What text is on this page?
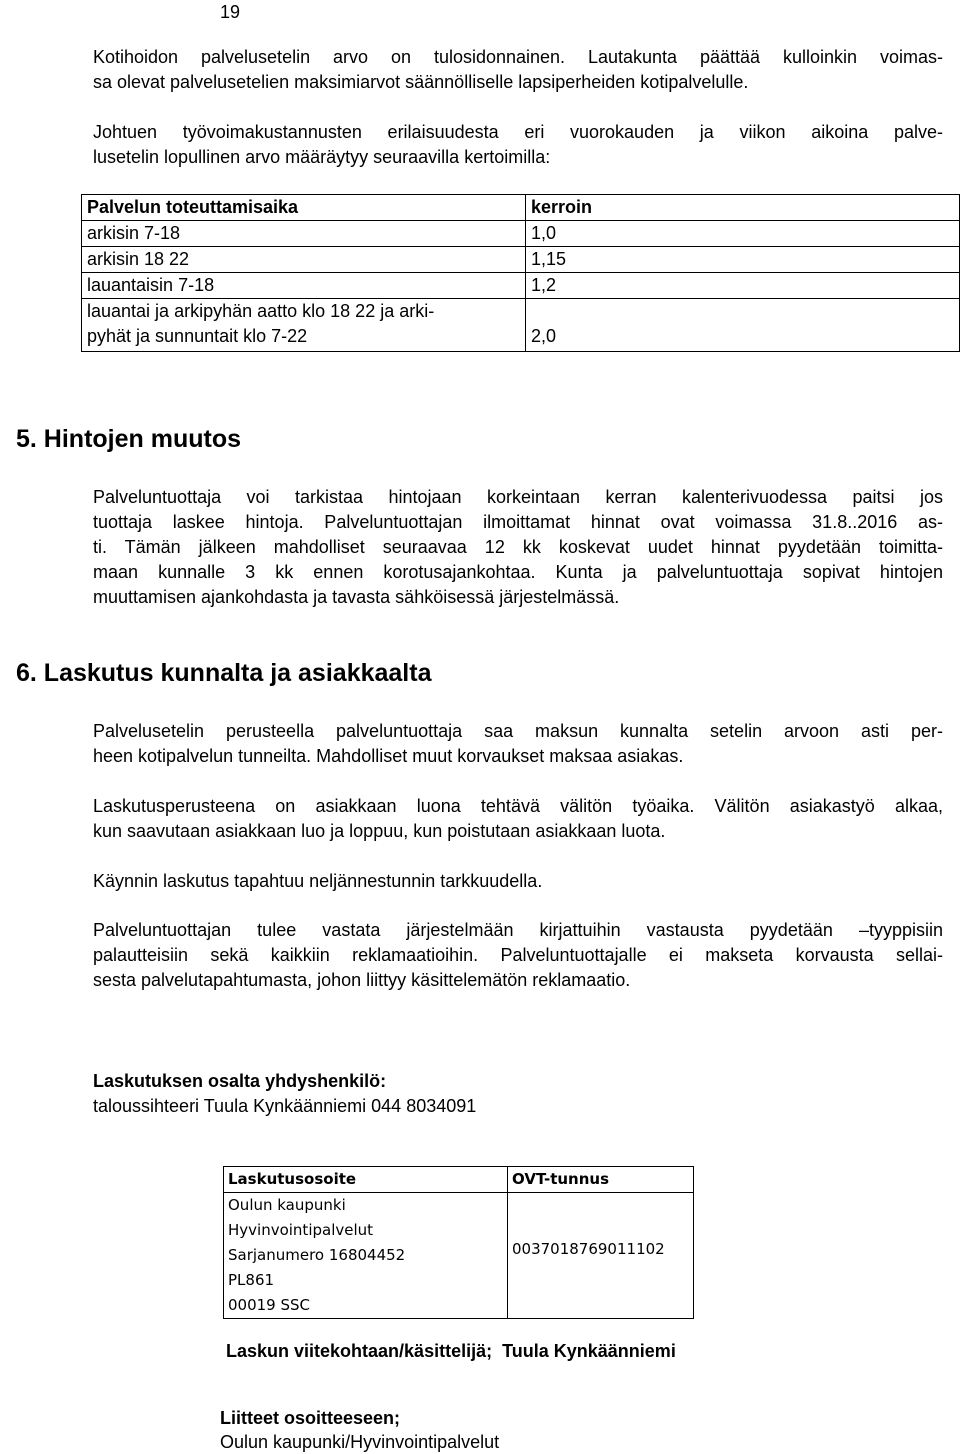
19
Kotihoidon palvelusetelin arvo on tulosidonnainen. Lautakunta päättää kulloinkin voimas-
sa olevat palvelusetelien maksimiarvot säännölliselle lapsiperheiden kotipalvelulle.
Johtuen työvoimakustannusten erilaisuudesta eri vuorokauden ja viikon aikoina palve-
lusetelin lopullinen arvo määräytyy seuraavilla kertoimilla:
Palvelun toteuttamisaika	kerroin
arkisin 7-18	1,0
arkisin 18 22	1,15
lauantaisin 7-18	1,2

lauantai ja arkipyhän aatto klo 18 22 ja arki-
pyhät ja sunnuntait klo 7-22	2,0
5. Hintojen muutos
Palveluntuottaja voi tarkistaa hintojaan korkeintaan kerran kalenterivuodessa paitsi jos
tuottaja laskee hintoja. Palveluntuottajan ilmoittamat hinnat ovat voimassa 31.8..2016 as-
ti. Tämän jälkeen mahdolliset seuraavaa 12 kk koskevat uudet hinnat pyydetään toimitta-
maan kunnalle 3 kk ennen korotusajankohtaa. Kunta ja palveluntuottaja sopivat hintojen
muuttamisen ajankohdasta ja tavasta sähköisessä järjestelmässä.
6. Laskutus kunnalta ja asiakkaalta
Palvelusetelin perusteella palveluntuottaja saa maksun kunnalta setelin arvoon asti per-
heen kotipalvelun tunneilta. Mahdolliset muut korvaukset maksaa asiakas.
Laskutusperusteena on asiakkaan luona tehtävä välitön työaika. Välitön asiakastyö alkaa,
kun saavutaan asiakkaan luo ja loppuu, kun poistutaan asiakkaan luota.
Käynnin laskutus tapahtuu neljännestunnin tarkkuudella.
Palveluntuottajan tulee vastata järjestelmään kirjattuihin vastausta pyydetään –tyyppisiin
palautteisiin sekä kaikkiin reklamaatioihin. Palveluntuottajalle ei makseta korvausta sellai-
sesta palvelutapahtumasta, johon liittyy käsittelemätön reklamaatio.
Laskutuksen osalta yhdyshenkilö:
taloussihteeri Tuula Kynkäänniemi 044 8034091
Laskutusosoite	OVT-tunnus

Oulun kaupunki
Hyvinvointipalvelut
Sarjanumero 16804452
PL861
00019 SSC	003701876901110​2
Laskun viitekohtaan/käsittelijä; Tuula Kynkäänniemi
Liitteet osoitteeseen;
Oulun kaupunki/Hyvinvointipalvelut
